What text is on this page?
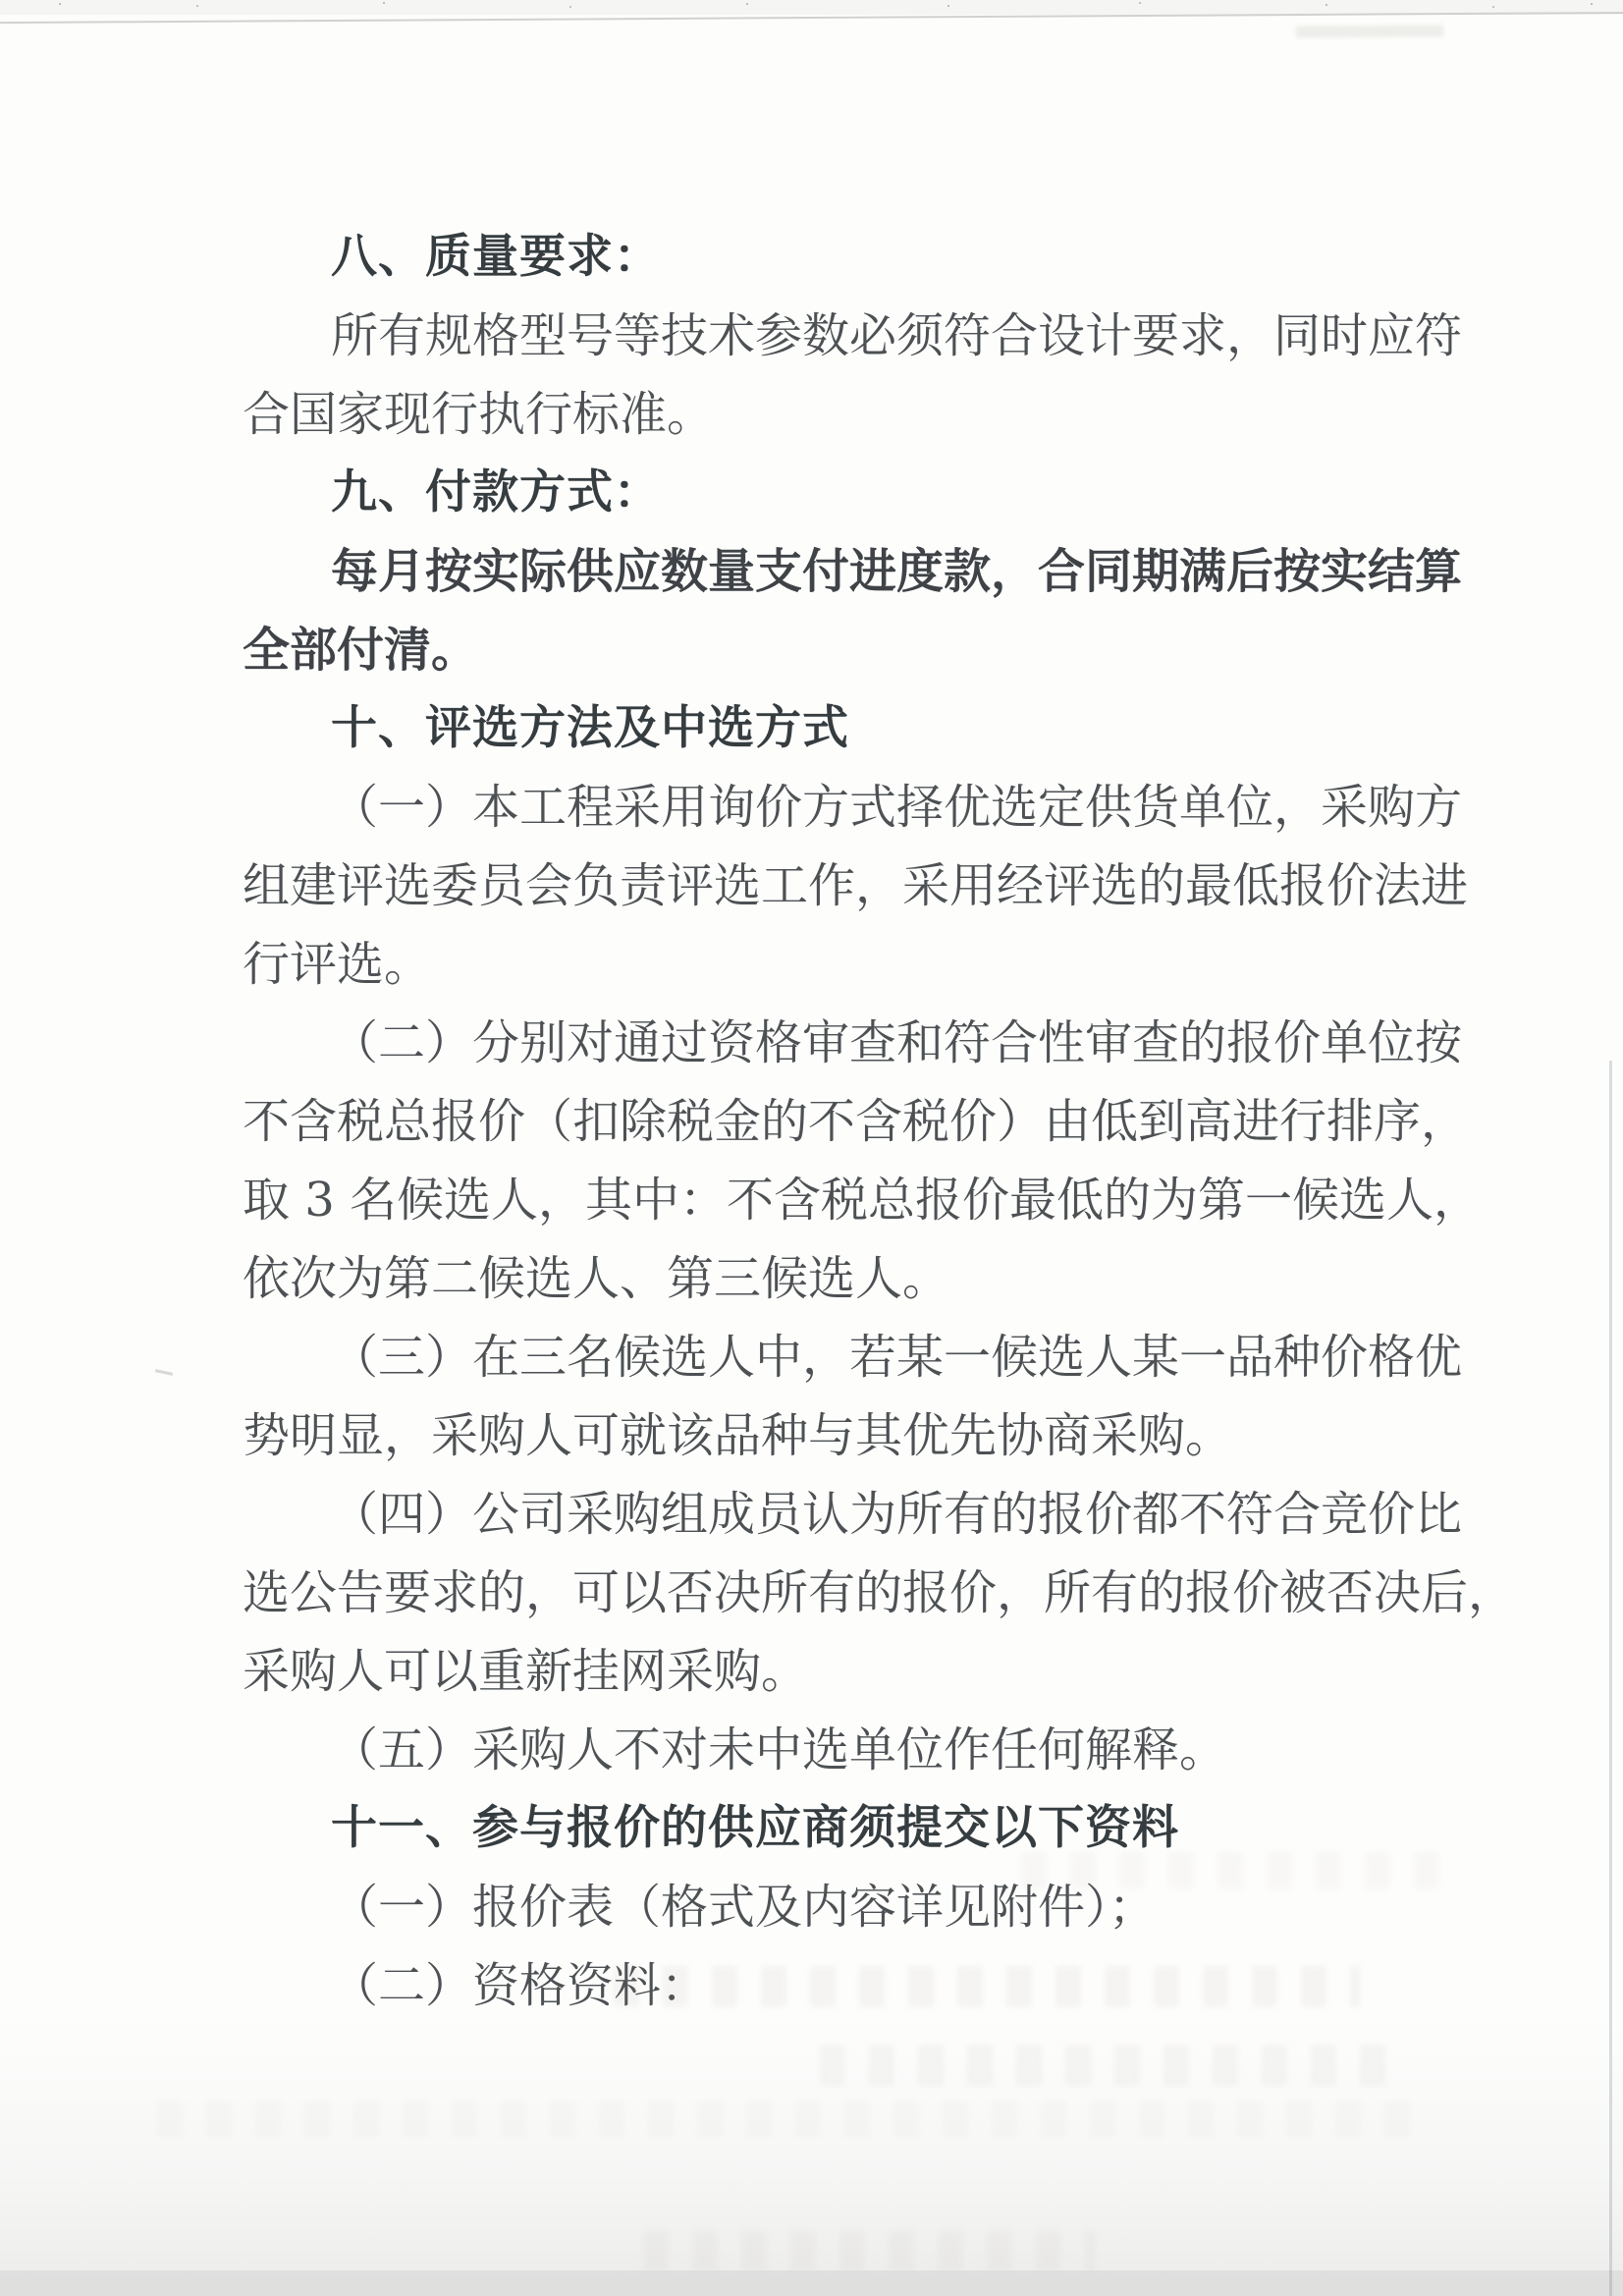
八、质量要求：
所有规格型号等技术参数必须符合设计要求，同时应符
合国家现行执行标准。
九、付款方式：
每月按实际供应数量支付进度款，合同期满后按实结算
全部付清。
十、评选方法及中选方式
（一）本工程采用询价方式择优选定供货单位，采购方
组建评选委员会负责评选工作，采用经评选的最低报价法进
行评选。
（二）分别对通过资格审查和符合性审查的报价单位按
不含税总报价（扣除税金的不含税价）由低到高进行排序，
取 3 名候选人，其中：不含税总报价最低的为第一候选人，
依次为第二候选人、第三候选人。
（三）在三名候选人中，若某一候选人某一品种价格优
势明显，采购人可就该品种与其优先协商采购。
（四）公司采购组成员认为所有的报价都不符合竞价比
选公告要求的，可以否决所有的报价，所有的报价被否决后，
采购人可以重新挂网采购。
（五）采购人不对未中选单位作任何解释。
十一、参与报价的供应商须提交以下资料
（一）报价表（格式及内容详见附件）；
（二）资格资料：
